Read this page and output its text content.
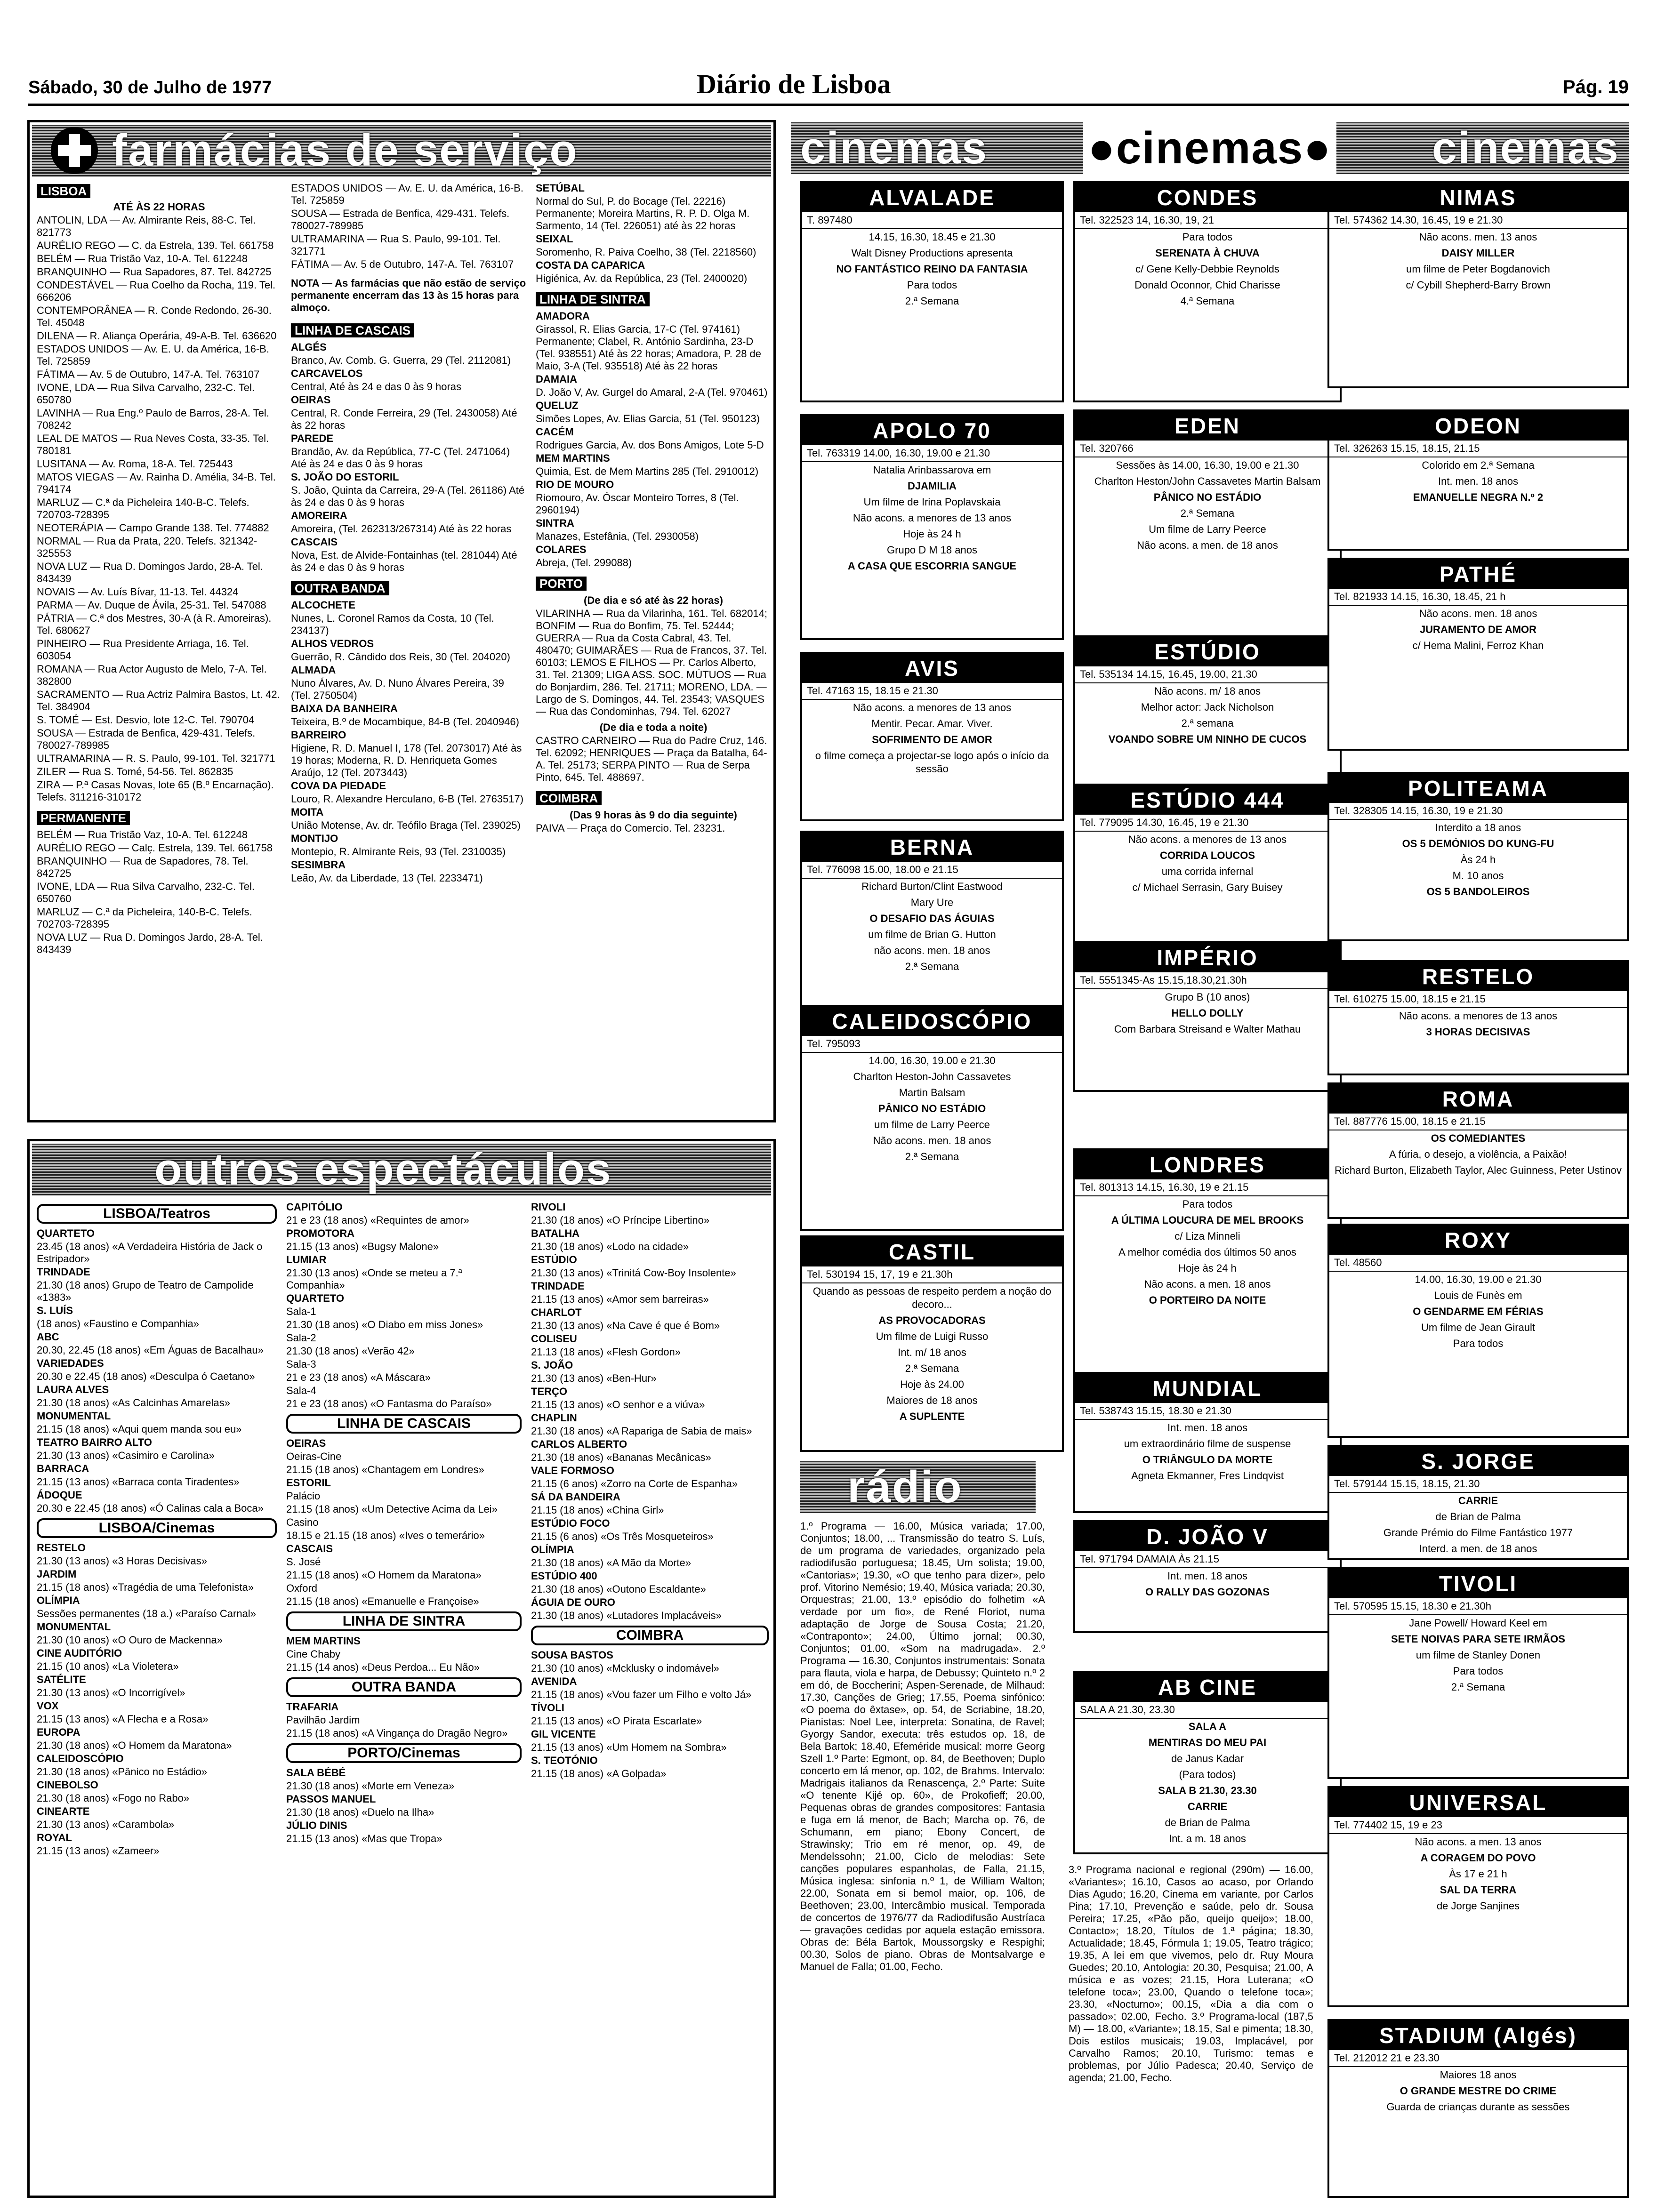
Sábado, 30 de Julho de 1977	Diário de Lisboa	Pág. 19
farmácias de serviço
LISBOA
ATÉ ÀS 22 HORAS
ANTOLIN, LDA — Av. Almirante Reis, 88-C. Tel. 821773
AURÉLIO REGO — C. da Estrela, 139. Tel. 661758
BELÉM — Rua Tristão Vaz, 10-A. Tel. 612248
BRANQUINHO — Rua Sapadores, 87. Tel. 842725
CONDESTÁVEL — Rua Coelho da Rocha, 119. Tel. 666206
CONTEMPORÂNEA — R. Conde Redondo, 26-30. Tel. 45048
DILENA — R. Aliança Operária, 49-A-B. Tel. 636620
ESTADOS UNIDOS — Av. E. U. da América, 16-B. Tel. 725859
FÁTIMA — Av. 5 de Outubro, 147-A. Tel. 763107
IVONE, LDA — Rua Silva Carvalho, 232-C. Tel. 650780
LAVINHA — Rua Eng.º Paulo de Barros, 28-A. Tel. 708242
LEAL DE MATOS — Rua Neves Costa, 33-35. Tel. 780181
LUSITANA — Av. Roma, 18-A. Tel. 725443
MATOS VIEGAS — Av. Rainha D. Amélia, 34-B. Tel. 794174
MARLUZ — C.ª da Picheleira 140-B-C. Telefs. 720703-728395
NEOTERÁPIA — Campo Grande 138. Tel. 774882
NORMAL — Rua da Prata, 220. Telefs. 321342-325553
NOVA LUZ — Rua D. Domingos Jardo, 28-A. Tel. 843439
NOVAIS — Av. Luís Bívar, 11-13. Tel. 44324
PARMA — Av. Duque de Ávila, 25-31. Tel. 547088
PÁTRIA — C.ª dos Mestres, 30-A (à R. Amoreiras). Tel. 680627
PINHEIRO — Rua Presidente Arriaga, 16. Tel. 603054
ROMANA — Rua Actor Augusto de Melo, 7-A. Tel. 382800
SACRAMENTO — Rua Actriz Palmira Bastos, Lt. 42. Tel. 384904
S. TOMÉ — Est. Desvio, lote 12-C. Tel. 790704
SOUSA — Estrada de Benfica, 429-431. Telefs. 780027-789985
ULTRAMARINA — R. S. Paulo, 99-101. Tel. 321771
ZILER — Rua S. Tomé, 54-56. Tel. 862835
ZIRA — P.ª Casas Novas, lote 65 (B.º Encarnação). Telefs. 311216-310172
PERMANENTE
BELÉM — Rua Tristão Vaz, 10-A. Tel. 612248
AURÉLIO REGO — Calç. Estrela, 139. Tel. 661758
BRANQUINHO — Rua de Sapadores, 78. Tel. 842725
IVONE, LDA — Rua Silva Carvalho, 232-C. Tel. 650760
MARLUZ — C.ª da Picheleira, 140-B-C. Telefs. 702703-728395
NOVA LUZ — Rua D. Domingos Jardo, 28-A. Tel. 843439
ESTADOS UNIDOS — Av. E. U. da América, 16-B. Tel. 725859
SOUSA — Estrada de Benfica, 429-431. Telefs. 780027-789985
ULTRAMARINA — Rua S. Paulo, 99-101. Tel. 321771
FÁTIMA — Av. 5 de Outubro, 147-A. Tel. 763107
NOTA — As farmácias que não estão de serviço permanente encerram das 13 às 15 horas para almoço.
LINHA DE CASCAIS
ALGÉS
Branco, Av. Comb. G. Guerra, 29 (Tel. 2112081)
CARCAVELOS
Central, Até às 24 e das 0 às 9 horas
OEIRAS
Central, R. Conde Ferreira, 29 (Tel. 2430058) Até às 22 horas
PAREDE
Brandão, Av. da República, 77-C (Tel. 2471064) Até às 24 e das 0 às 9 horas
S. JOÃO DO ESTORIL
S. João, Quinta da Carreira, 29-A (Tel. 261186) Até às 24 e das 0 às 9 horas
AMOREIRA
Amoreira, (Tel. 262313/267314) Até às 22 horas
CASCAIS
Nova, Est. de Alvide-Fontainhas (tel. 281044) Até às 24 e das 0 às 9 horas
OUTRA BANDA
ALCOCHETE
Nunes, L. Coronel Ramos da Costa, 10 (Tel. 234137)
ALHOS VEDROS
Guerrão, R. Cândido dos Reis, 30 (Tel. 204020)
ALMADA
Nuno Álvares, Av. D. Nuno Álvares Pereira, 39 (Tel. 2750504)
BAIXA DA BANHEIRA
Teixeira, B.º de Mocambique, 84-B (Tel. 2040946)
BARREIRO
Higiene, R. D. Manuel I, 178 (Tel. 2073017) Até às 19 horas; Moderna, R. D. Henriqueta Gomes Araújo, 12 (Tel. 2073443)
COVA DA PIEDADE
Louro, R. Alexandre Herculano, 6-B (Tel. 2763517)
MOITA
União Motense, Av. dr. Teófilo Braga (Tel. 239025)
MONTIJO
Montepio, R. Almirante Reis, 93 (Tel. 2310035)
SESIMBRA
Leão, Av. da Liberdade, 13 (Tel. 2233471)
SETÚBAL
Normal do Sul, P. do Bocage (Tel. 22216) Permanente; Moreira Martins, R. P. D. Olga M. Sarmento, 14 (Tel. 226051) até às 22 horas
SEIXAL
Soromenho, R. Paiva Coelho, 38 (Tel. 2218560)
COSTA DA CAPARICA
Higiénica, Av. da República, 23 (Tel. 2400020)
LINHA DE SINTRA
AMADORA
Girassol, R. Elias Garcia, 17-C (Tel. 974161) Permanente; Clabel, R. António Sardinha, 23-D (Tel. 938551) Até às 22 horas; Amadora, P. 28 de Maio, 3-A (Tel. 935518) Até às 22 horas
DAMAIA
D. João V, Av. Gurgel do Amaral, 2-A (Tel. 970461)
QUELUZ
Simões Lopes, Av. Elias Garcia, 51 (Tel. 950123)
CACÉM
Rodrigues Garcia, Av. dos Bons Amigos, Lote 5-D
MEM MARTINS
Quimia, Est. de Mem Martins 285 (Tel. 2910012)
RIO DE MOURO
Riomouro, Av. Óscar Monteiro Torres, 8 (Tel. 2960194)
SINTRA
Manazes, Estefânia, (Tel. 2930058)
COLARES
Abreja, (Tel. 299088)
PORTO
(De dia e só até às 22 horas)
VILARINHA — Rua da Vilarinha, 161. Tel. 682014; BONFIM — Rua do Bonfim, 75. Tel. 52444; GUERRA — Rua da Costa Cabral, 43. Tel. 480470; GUIMARÃES — Rua de Francos, 37. Tel. 60103; LEMOS E FILHOS — Pr. Carlos Alberto, 31. Tel. 21309; LIGA ASS. SOC. MÚTUOS — Rua do Bonjardim, 286. Tel. 21711; MORENO, LDA. — Largo de S. Domingos, 44. Tel. 23543; VASQUES — Rua das Condominhas, 794. Tel. 62027
(De dia e toda a noite)
CASTRO CARNEIRO — Rua do Padre Cruz, 146. Tel. 62092; HENRIQUES — Praça da Batalha, 64-A. Tel. 25173; SERPA PINTO — Rua de Serpa Pinto, 645. Tel. 488697.
COIMBRA
(Das 9 horas às 9 do dia seguinte)
PAIVA — Praça do Comercio. Tel. 23231.
outros espectáculos
LISBOA/Teatros
QUARTETO
23.45 (18 anos) «A Verdadeira História de Jack o Estripador»
TRINDADE
21.30 (18 anos) Grupo de Teatro de Campolide «1383»
S. LUÍS
(18 anos) «Faustino e Companhia»
ABC
20.30, 22.45 (18 anos) «Em Águas de Bacalhau»
VARIEDADES
20.30 e 22.45 (18 anos) «Desculpa ó Caetano»
LAURA ALVES
21.30 (18 anos) «As Calcinhas Amarelas»
MONUMENTAL
21.15 (18 anos) «Aqui quem manda sou eu»
TEATRO BAIRRO ALTO
21.30 (13 anos) «Casimiro e Carolina»
BARRACA
21.15 (13 anos) «Barraca conta Tiradentes»
ÁDOQUE
20.30 e 22.45 (18 anos) «Ó Calinas cala a Boca»
LISBOA/Cinemas
RESTELO
21.30 (13 anos) «3 Horas Decisivas»
JARDIM
21.15 (18 anos) «Tragédia de uma Telefonista»
OLÍMPIA
Sessões permanentes (18 a.) «Paraíso Carnal»
MONUMENTAL
21.30 (10 anos) «O Ouro de Mackenna»
CINE AUDITÓRIO
21.15 (10 anos) «La Violetera»
SATÉLITE
21.30 (13 anos) «O Incorrigível»
VOX
21.15 (13 anos) «A Flecha e a Rosa»
EUROPA
21.30 (18 anos) «O Homem da Maratona»
CALEIDOSCÓPIO
21.30 (18 anos) «Pânico no Estádio»
CINEBOLSO
21.30 (18 anos) «Fogo no Rabo»
CINEARTE
21.30 (13 anos) «Carambola»
ROYAL
21.15 (13 anos) «Zameer»
CAPITÓLIO
21 e 23 (18 anos) «Requintes de amor»
PROMOTORA
21.15 (13 anos) «Bugsy Malone»
LUMIAR
21.30 (13 anos) «Onde se meteu a 7.ª Companhia»
QUARTETO
Sala-1
21.30 (18 anos) «O Diabo em miss Jones»
Sala-2
21.30 (18 anos) «Verão 42»
Sala-3
21 e 23 (18 anos) «A Máscara»
Sala-4
21 e 23 (18 anos) «O Fantasma do Paraíso»
LINHA DE CASCAIS
OEIRAS
Oeiras-Cine
21.15 (18 anos) «Chantagem em Londres»
ESTORIL
Palácio
21.15 (18 anos) «Um Detective Acima da Lei»
Casino
18.15 e 21.15 (18 anos) «Ives o temerário»
CASCAIS
S. José
21.15 (18 anos) «O Homem da Maratona»
Oxford
21.15 (18 anos) «Emanuelle e Françoise»
LINHA DE SINTRA
MEM MARTINS
Cine Chaby
21.15 (14 anos) «Deus Perdoa... Eu Não»
OUTRA BANDA
TRAFARIA
Pavilhão Jardim
21.15 (18 anos) «A Vingança do Dragão Negro»
PORTO/Cinemas
SALA BÉBÉ
21.30 (18 anos) «Morte em Veneza»
PASSOS MANUEL
21.30 (18 anos) «Duelo na Ilha»
JÚLIO DINIS
21.15 (13 anos) «Mas que Tropa»
RIVOLI
21.30 (18 anos) «O Príncipe Libertino»
BATALHA
21.30 (18 anos) «Lodo na cidade»
ESTÚDIO
21.30 (13 anos) «Trinitá Cow-Boy Insolente»
TRINDADE
21.15 (13 anos) «Amor sem barreiras»
CHARLOT
21.30 (13 anos) «Na Cave é que é Bom»
COLISEU
21.13 (18 anos) «Flesh Gordon»
S. JOÃO
21.30 (13 anos) «Ben-Hur»
TERÇO
21.15 (13 anos) «O senhor e a viúva»
CHAPLIN
21.30 (18 anos) «A Rapariga de Sabia de mais»
CARLOS ALBERTO
21.30 (18 anos) «Bananas Mecânicas»
VALE FORMOSO
21.15 (6 anos) «Zorro na Corte de Espanha»
SÁ DA BANDEIRA
21.15 (18 anos) «China Girl»
ESTÚDIO FOCO
21.15 (6 anos) «Os Três Mosqueteiros»
OLÍMPIA
21.30 (18 anos) «A Mão da Morte»
ESTÚDIO 400
21.30 (18 anos) «Outono Escaldante»
ÁGUIA DE OURO
21.30 (18 anos) «Lutadores Implacáveis»
COIMBRA
SOUSA BASTOS
21.30 (10 anos) «Mcklusky o indomável»
AVENIDA
21.15 (18 anos) «Vou fazer um Filho e volto Já»
TÍVOLI
21.15 (13 anos) «O Pirata Escarlate»
GIL VICENTE
21.15 (13 anos) «Um Homem na Sombra»
S. TEOTÓNIO
21.15 (18 anos) «A Golpada»
cinemas ●cinemas● cinemas
ALVALADE
T. 897480
14.15, 16.30, 18.45 e 21.30
Walt Disney Productions apresenta
NO FANTÁSTICO REINO DA FANTASIA
Para todos
2.ª Semana
APOLO 70
Tel. 763319 14.00, 16.30, 19.00 e 21.30
Natalia Arinbassarova em
DJAMILIA
Um filme de Irina Poplavskaia
Não acons. a menores de 13 anos
Hoje às 24 h
Grupo D M 18 anos
A CASA QUE ESCORRIA SANGUE
AVIS
Tel. 47163 15, 18.15 e 21.30
Não acons. a menores de 13 anos
Mentir. Pecar. Amar. Viver.
SOFRIMENTO DE AMOR
o filme começa a projectar-se logo após o início da sessão
BERNA
Tel. 776098 15.00, 18.00 e 21.15
Richard Burton/Clint Eastwood
Mary Ure
O DESAFIO DAS ÁGUIAS
um filme de Brian G. Hutton
não acons. men. 18 anos
2.ª Semana
CALEIDOSCÓPIO
Tel. 795093
14.00, 16.30, 19.00 e 21.30
Charlton Heston-John Cassavetes
Martin Balsam
PÂNICO NO ESTÁDIO
um filme de Larry Peerce
Não acons. men. 18 anos
2.ª Semana
CASTIL
Tel. 530194 15, 17, 19 e 21.30h
Quando as pessoas de respeito perdem a noção do decoro...
AS PROVOCADORAS
Um filme de Luigi Russo
Int. m/ 18 anos
2.ª Semana
Hoje às 24.00
Maiores de 18 anos
A SUPLENTE
CONDES
Tel. 322523 14, 16.30, 19, 21
Para todos
SERENATA À CHUVA
c/ Gene Kelly-Debbie Reynolds
Donald Oconnor, Chid Charisse
4.ª Semana
EDEN
Tel. 320766
Sessões às 14.00, 16.30, 19.00 e 21.30
Charlton Heston/John Cassavetes Martin Balsam
PÂNICO NO ESTÁDIO
2.ª Semana
Um filme de Larry Peerce
Não acons. a men. de 18 anos
ESTÚDIO
Tel. 535134 14.15, 16.45, 19.00, 21.30
Não acons. m/ 18 anos
Melhor actor: Jack Nicholson
2.ª semana
VOANDO SOBRE UM NINHO DE CUCOS
ESTÚDIO 444
Tel. 779095 14.30, 16.45, 19 e 21.30
Não acons. a menores de 13 anos
CORRIDA LOUCOS
uma corrida infernal
c/ Michael Serrasin, Gary Buisey
IMPÉRIO
Tel. 5551345-As 15.15,18.30,21.30h
Grupo B (10 anos)
HELLO DOLLY
Com Barbara Streisand e Walter Mathau
LONDRES
Tel. 801313 14.15, 16.30, 19 e 21.15
Para todos
A ÚLTIMA LOUCURA DE MEL BROOKS
c/ Liza Minneli
A melhor comédia dos últimos 50 anos
Hoje às 24 h
Não acons. a men. 18 anos
O PORTEIRO DA NOITE
MUNDIAL
Tel. 538743 15.15, 18.30 e 21.30
Int. men. 18 anos
um extraordinário filme de suspense
O TRIÂNGULO DA MORTE
Agneta Ekmanner, Fres Lindqvist
D. JOÃO V
Tel. 971794 DAMAIA Às 21.15
Int. men. 18 anos
O RALLY DAS GOZONAS
AB CINE
SALA A 21.30, 23.30
SALA A
MENTIRAS DO MEU PAI
de Janus Kadar
(Para todos)
SALA B 21.30, 23.30
CARRIE
de Brian de Palma
Int. a m. 18 anos
NIMAS
Tel. 574362 14.30, 16.45, 19 e 21.30
Não acons. men. 13 anos
DAISY MILLER
um filme de Peter Bogdanovich
c/ Cybill Shepherd-Barry Brown
ODEON
Tel. 326263 15.15, 18.15, 21.15
Colorido em 2.ª Semana
Int. men. 18 anos
EMANUELLE NEGRA N.º 2
PATHÉ
Tel. 821933 14.15, 16.30, 18.45, 21 h
Não acons. men. 18 anos
JURAMENTO DE AMOR
c/ Hema Malini, Ferroz Khan
POLITEAMA
Tel. 328305 14.15, 16.30, 19 e 21.30
Interdito a 18 anos
OS 5 DEMÓNIOS DO KUNG-FU
Às 24 h
M. 10 anos
OS 5 BANDOLEIROS
RESTELO
Tel. 610275 15.00, 18.15 e 21.15
Não acons. a menores de 13 anos
3 HORAS DECISIVAS
ROMA
Tel. 887776 15.00, 18.15 e 21.15
OS COMEDIANTES
A fúria, o desejo, a violência, a Paixão!
Richard Burton, Elizabeth Taylor, Alec Guinness, Peter Ustinov
ROXY
Tel. 48560
14.00, 16.30, 19.00 e 21.30
Louis de Funès em
O GENDARME EM FÉRIAS
Um filme de Jean Girault
Para todos
S. JORGE
Tel. 579144 15.15, 18.15, 21.30
CARRIE
de Brian de Palma
Grande Prémio do Filme Fantástico 1977
Interd. a men. de 18 anos
TIVOLI
Tel. 570595 15.15, 18.30 e 21.30h
Jane Powell/ Howard Keel em
SETE NOIVAS PARA SETE IRMÃOS
um filme de Stanley Donen
Para todos
2.ª Semana
UNIVERSAL
Tel. 774402 15, 19 e 23
Não acons. a men. 13 anos
A CORAGEM DO POVO
Às 17 e 21 h
SAL DA TERRA
de Jorge Sanjines
STADIUM (Algés)
Tel. 212012 21 e 23.30
Maiores 18 anos
O GRANDE MESTRE DO CRIME
Guarda de crianças durante as sessões
rádio
1.º Programa — 16.00, Música variada; 17.00, Conjuntos; 18.00, ... Transmissão do teatro S. Luís, de um programa de variedades, organizado pela radiodifusão portuguesa; 18.45, Um solista; 19.00, «Cantorias»; 19.30, «O que tenho para dizer», pelo prof. Vitorino Nemésio; 19.40, Música variada; 20.30, Orquestras; 21.00, 13.º episódio do folhetim «A verdade por um fio», de René Floriot, numa adaptação de Jorge de Sousa Costa; 21.20, «Contraponto»; 24.00, Último jornal; 00.30, Conjuntos; 01.00, «Som na madrugada». 2.º Programa — 16.30, Conjuntos instrumentais: Sonata para flauta, viola e harpa, de Debussy; Quinteto n.º 2 em dó, de Boccherini; Aspen-Serenade, de Milhaud: 17.30, Canções de Grieg; 17.55, Poema sinfónico: «O poema do êxtase», op. 54, de Scriabine, 18.20, Pianistas: Noel Lee, interpreta: Sonatina, de Ravel; Gyorgy Sandor, executa: três estudos op. 18, de Bela Bartok; 18.40, Efeméride musical: morre Georg Szell 1.º Parte: Egmont, op. 84, de Beethoven; Duplo concerto em lá menor, op. 102, de Brahms. Intervalo: Madrigais italianos da Renascença, 2.º Parte: Suite «O tenente Kijé op. 60», de Prokofieff; 20.00, Pequenas obras de grandes compositores: Fantasia e fuga em lá menor, de Bach; Marcha op. 76, de Schumann, em piano; Ebony Concert, de Strawinsky; Trio em ré menor, op. 49, de Mendelssohn; 21.00, Ciclo de melodias: Sete canções populares espanholas, de Falla, 21.15, Música inglesa: sinfonia n.º 1, de William Walton; 22.00, Sonata em si bemol maior, op. 106, de Beethoven; 23.00, Intercâmbio musical. Temporada de concertos de 1976/77 da Radiodifusão Austríaca — gravações cedidas por aquela estação emissora. Obras de: Béla Bartok, Moussorgsky e Respighi; 00.30, Solos de piano. Obras de Montsalvarge e Manuel de Falla; 01.00, Fecho.
3.º Programa nacional e regional (290m) — 16.00, «Variantes»; 16.10, Casos ao acaso, por Orlando Dias Agudo; 16.20, Cinema em variante, por Carlos Pina; 17.10, Prevenção e saúde, pelo dr. Sousa Pereira; 17.25, «Pão pão, queijo queijo»; 18.00, Contacto»; 18.20, Títulos de 1.ª página; 18.30, Actualidade; 18.45, Fórmula 1; 19.05, Teatro trágico; 19.35, A lei em que vivemos, pelo dr. Ruy Moura Guedes; 20.10, Antologia: 20.30, Pesquisa; 21.00, A música e as vozes; 21.15, Hora Luterana; «O telefone toca»; 23.00, Quando o telefone toca»; 23.30, «Nocturno»; 00.15, «Dia a dia com o passado»; 02.00, Fecho. 3.º Programa-local (187,5 M) — 18.00, «Variante»; 18.15, Sal e pimenta; 18.30, Dois estilos musicais; 19.03, Implacável, por Carvalho Ramos; 20.10, Turismo: temas e problemas, por Júlio Padesca; 20.40, Serviço de agenda; 21.00, Fecho.
